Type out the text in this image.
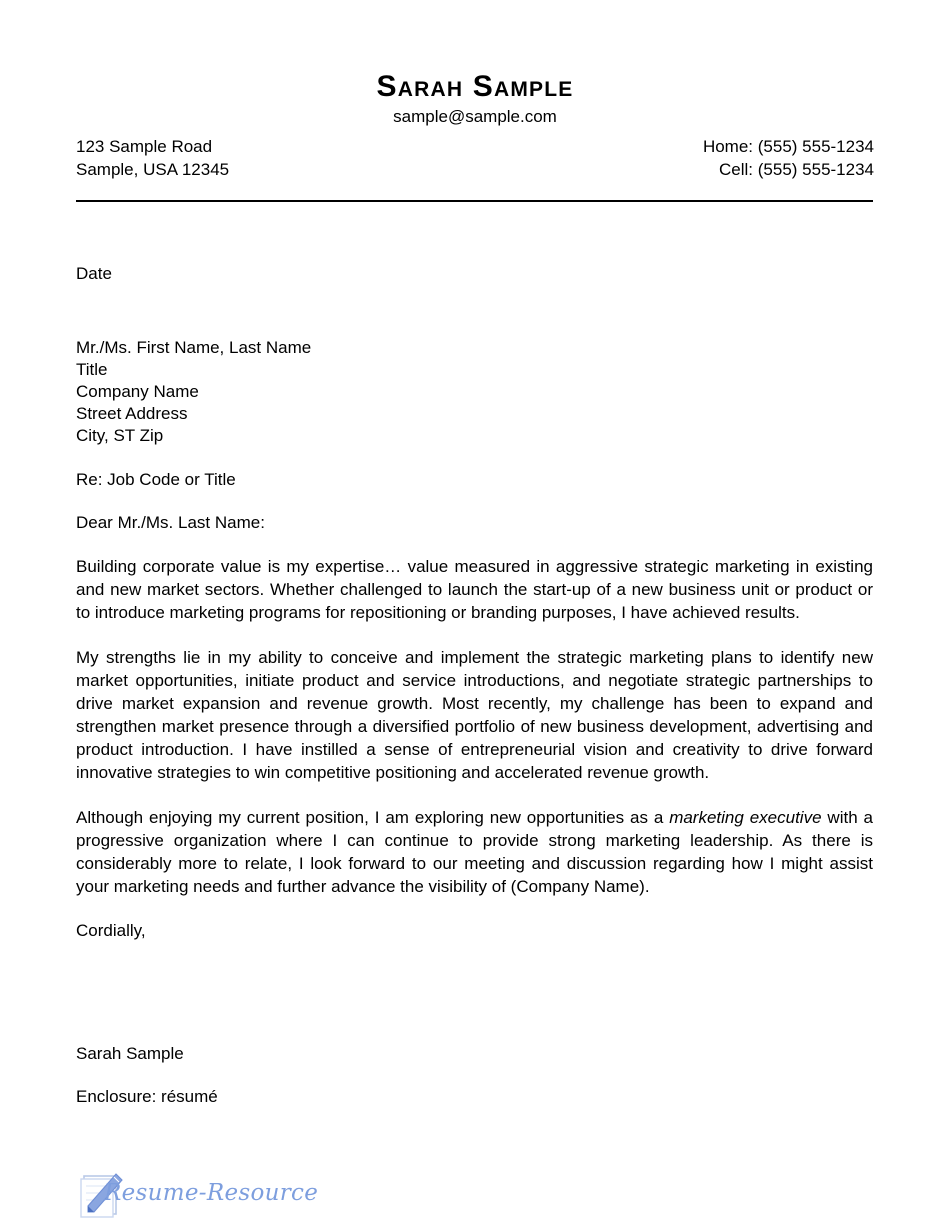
Sarah Sample
sample@sample.com
123 Sample Road
Sample, USA 12345
Home: (555) 555-1234
Cell: (555) 555-1234
Date
Mr./Ms. First Name, Last Name
Title
Company Name
Street Address
City, ST Zip
Re: Job Code or Title
Dear Mr./Ms. Last Name:

Building corporate value is my expertise… value measured in aggressive strategic marketing in existing and new market sectors. Whether challenged to launch the start-up of a new business unit or product or to introduce marketing programs for repositioning or branding purposes, I have achieved results.

My strengths lie in my ability to conceive and implement the strategic marketing plans to identify new market opportunities, initiate product and service introductions, and negotiate strategic partnerships to drive market expansion and revenue growth. Most recently, my challenge has been to expand and strengthen market presence through a diversified portfolio of new business development, advertising and product introduction. I have instilled a sense of entrepreneurial vision and creativity to drive forward innovative strategies to win competitive positioning and accelerated revenue growth.

Although enjoying my current position, I am exploring new opportunities as a marketing executive with a progressive organization where I can continue to provide strong marketing leadership. As there is considerably more to relate, I look forward to our meeting and discussion regarding how I might assist your marketing needs and further advance the visibility of (Company Name).

Cordially,
Sarah Sample
Enclosure: résumé
Resume-Resource
